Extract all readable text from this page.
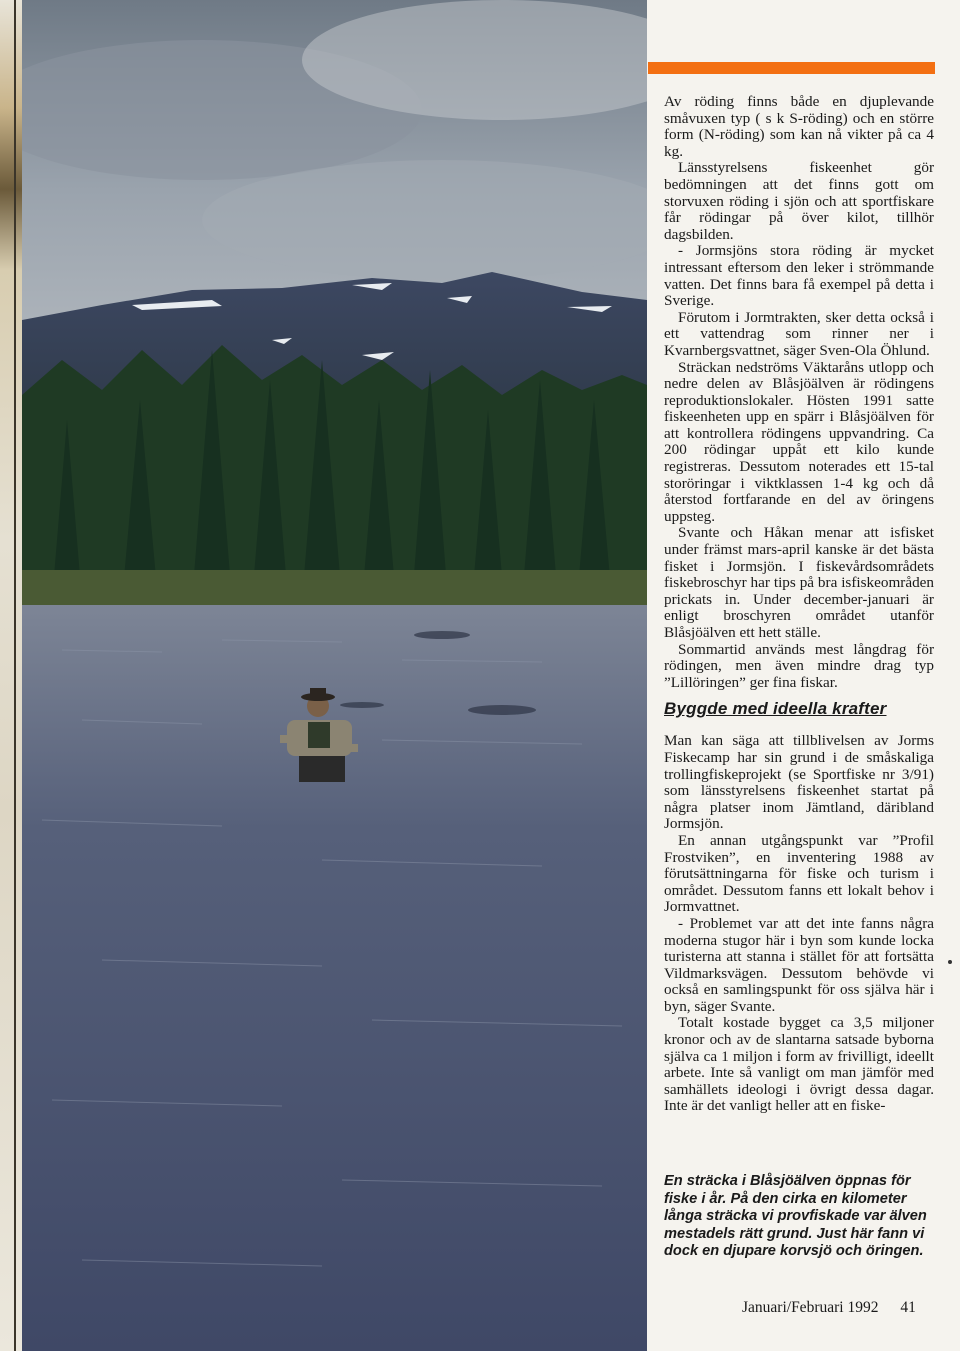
Av röding finns både en djuplevande småvuxen typ ( s k S-röding) och en större form (N-röding) som kan nå vikter på ca 4 kg.

Länsstyrelsens fiskeenhet gör bedömningen att det finns gott om storvuxen röding i sjön och att sportfiskare får rödingar på över kilot, tillhör dagsbilden.

- Jormsjöns stora röding är mycket intressant eftersom den leker i strömmande vatten. Det finns bara få exempel på detta i Sverige.

Förutom i Jormtrakten, sker detta också i ett vattendrag som rinner ner i Kvarnbergsvattnet, säger Sven-Ola Öhlund.

Sträckan nedströms Väktaråns utlopp och nedre delen av Blåsjöälven är rödingens reproduktionslokaler. Hösten 1991 satte fiskeenheten upp en spärr i Blåsjöälven för att kontrollera rödingens uppvandring. Ca 200 rödingar uppåt ett kilo kunde registreras. Dessutom noterades ett 15-tal storöringar i viktklassen 1-4 kg och då återstod fortfarande en del av öringens uppsteg.

Svante och Håkan menar att isfisket under främst mars-april kanske är det bästa fisket i Jormsjön. I fiskevårdsområdets fiskebroschyr har tips på bra isfiskeområden prickats in. Under december-januari är enligt broschyren området utanför Blåsjöälven ett hett ställe.

Sommartid används mest långdrag för rödingen, men även mindre drag typ ”Lillöringen” ger fina fiskar.

Byggde med ideella krafter

Man kan säga att tillblivelsen av Jorms Fiskecamp har sin grund i de småskaliga trollingfiskeprojekt (se Sportfiske nr 3/91) som länsstyrelsens fiskeenhet startat på några platser inom Jämtland, däribland Jormsjön.

En annan utgångspunkt var ”Profil Frostviken”, en inventering 1988 av förutsättningarna för fiske och turism i området. Dessutom fanns ett lokalt behov i Jormvattnet.

- Problemet var att det inte fanns några moderna stugor här i byn som kunde locka turisterna att stanna i stället för att fortsätta Vildmarksvägen. Dessutom behövde vi också en samlingspunkt för oss själva här i byn, säger Svante.

Totalt kostade bygget ca 3,5 miljoner kronor och av de slantarna satsade byborna själva ca 1 miljon i form av frivilligt, ideellt arbete. Inte så vanligt om man jämför med samhällets ideologi i övrigt dessa dagar. Inte är det vanligt heller att en fiske-

En sträcka i Blåsjöälven öppnas för fiske i år. På den cirka en kilometer långa sträcka vi provfiskade var älven mestadels rätt grund. Just här fann vi dock en djupare korvsjö och öringen.
Januari/Februari 1992 41
